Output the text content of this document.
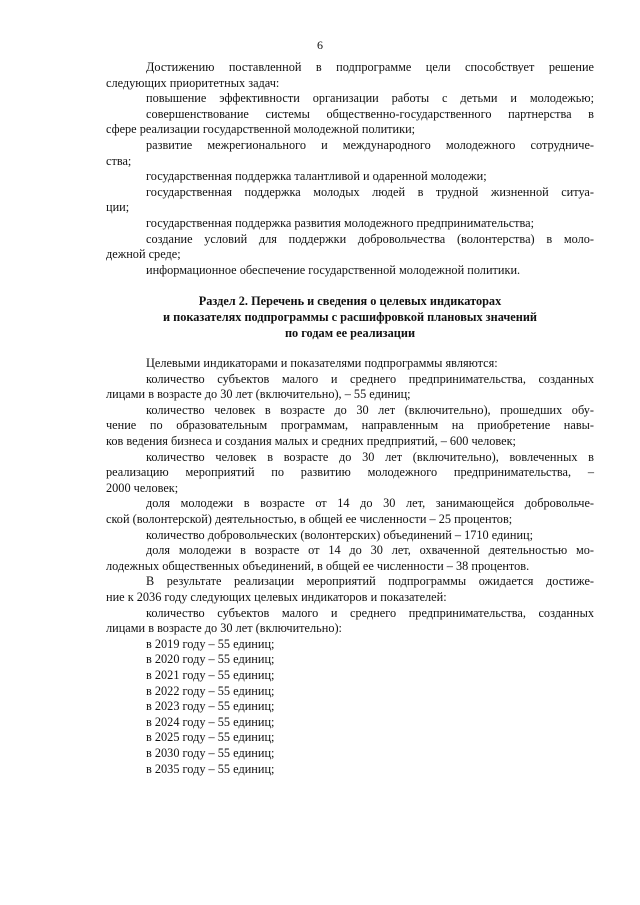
6

Достижению поставленной в подпрограмме цели способствует решение

следующих приоритетных задач:

повышение эффективности организации работы с детьми и молодежью;

совершенствование системы общественно-государственного партнерства в

сфере реализации государственной молодежной политики;

развитие межрегионального и международного молодежного сотрудниче-

ства;

государственная поддержка талантливой и одаренной молодежи;

государственная поддержка молодых людей в трудной жизненной ситуа-

ции;

государственная поддержка развития молодежного предпринимательства;

создание условий для поддержки добровольчества (волонтерства) в моло-

дежной среде;

информационное обеспечение государственной молодежной политики.

Раздел 2. Перечень и сведения о целевых индикаторах
и показателях подпрограммы с расшифровкой плановых значений
по годам ее реализации

Целевыми индикаторами и показателями подпрограммы являются:

количество субъектов малого и среднего предпринимательства, созданных

лицами в возрасте до 30 лет (включительно), – 55 единиц;

количество человек в возрасте до 30 лет (включительно), прошедших обу-

чение по образовательным программам, направленным на приобретение навы-

ков ведения бизнеса и создания малых и средних предприятий, – 600 человек;

количество человек в возрасте до 30 лет (включительно), вовлеченных в

реализацию мероприятий по развитию молодежного предпринимательства, –

2000 человек;

доля молодежи в возрасте от 14 до 30 лет, занимающейся добровольче-

ской (волонтерской) деятельностью, в общей ее численности – 25 процентов;

количество добровольческих (волонтерских) объединений – 1710 единиц;

доля молодежи в возрасте от 14 до 30 лет, охваченной деятельностью мо-

лодежных общественных объединений, в общей ее численности – 38 процентов.

В результате реализации мероприятий подпрограммы ожидается достиже-

ние к 2036 году следующих целевых индикаторов и показателей:

количество субъектов малого и среднего предпринимательства, созданных

лицами в возрасте до 30 лет (включительно):

в 2019 году – 55 единиц;

в 2020 году – 55 единиц;

в 2021 году – 55 единиц;

в 2022 году – 55 единиц;

в 2023 году – 55 единиц;

в 2024 году – 55 единиц;

в 2025 году – 55 единиц;

в 2030 году – 55 единиц;

в 2035 году – 55 единиц;
